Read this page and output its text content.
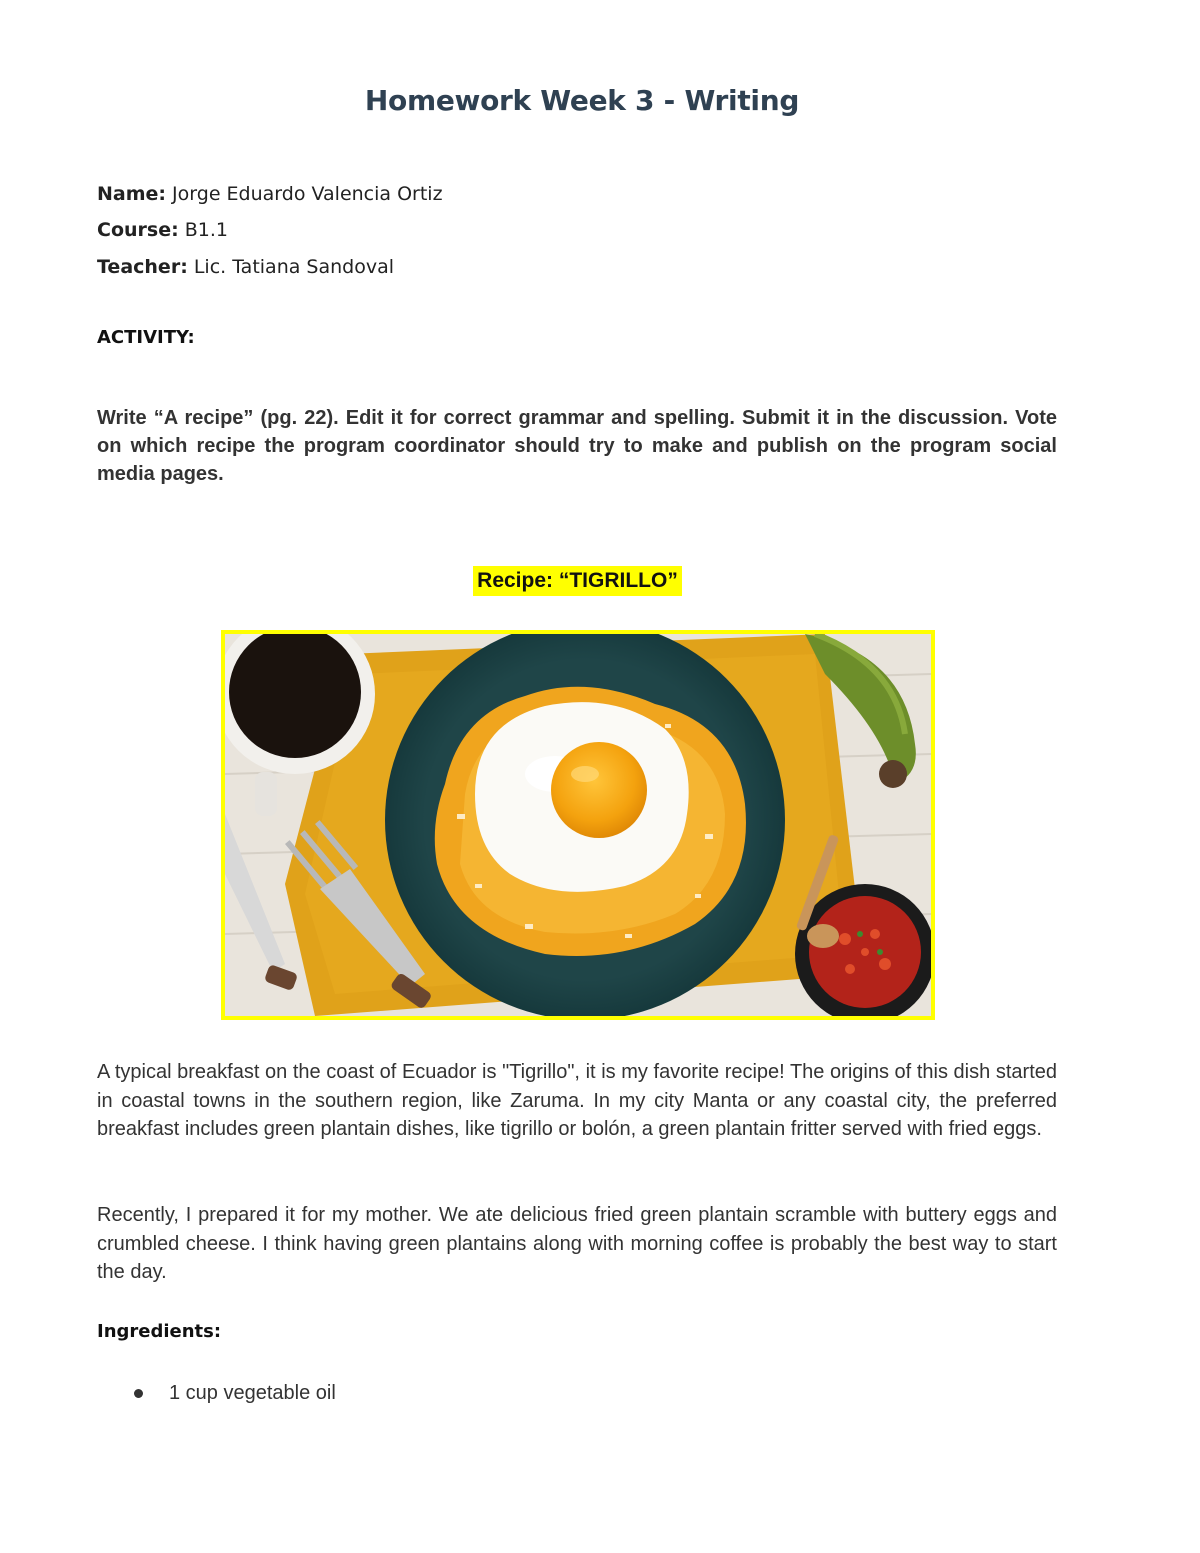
Homework Week 3 - Writing
Name: Jorge Eduardo Valencia Ortiz
Course: B1.1
Teacher: Lic. Tatiana Sandoval
ACTIVITY:
Write “A recipe” (pg. 22). Edit it for correct grammar and spelling. Submit it in the discussion. Vote on which recipe the program coordinator should try to make and publish on the program social media pages.
Recipe: “TIGRILLO”
A typical breakfast on the coast of Ecuador is "Tigrillo", it is my favorite recipe! The origins of this dish started in coastal towns in the southern region, like Zaruma. In my city Manta or any coastal city, the preferred breakfast includes green plantain dishes, like tigrillo or bolón, a green plantain fritter served with fried eggs.
Recently, I prepared it for my mother. We ate delicious fried green plantain scramble with buttery eggs and crumbled cheese. I think having green plantains along with morning coffee is probably the best way to start the day.
Ingredients:
1 cup vegetable oil
